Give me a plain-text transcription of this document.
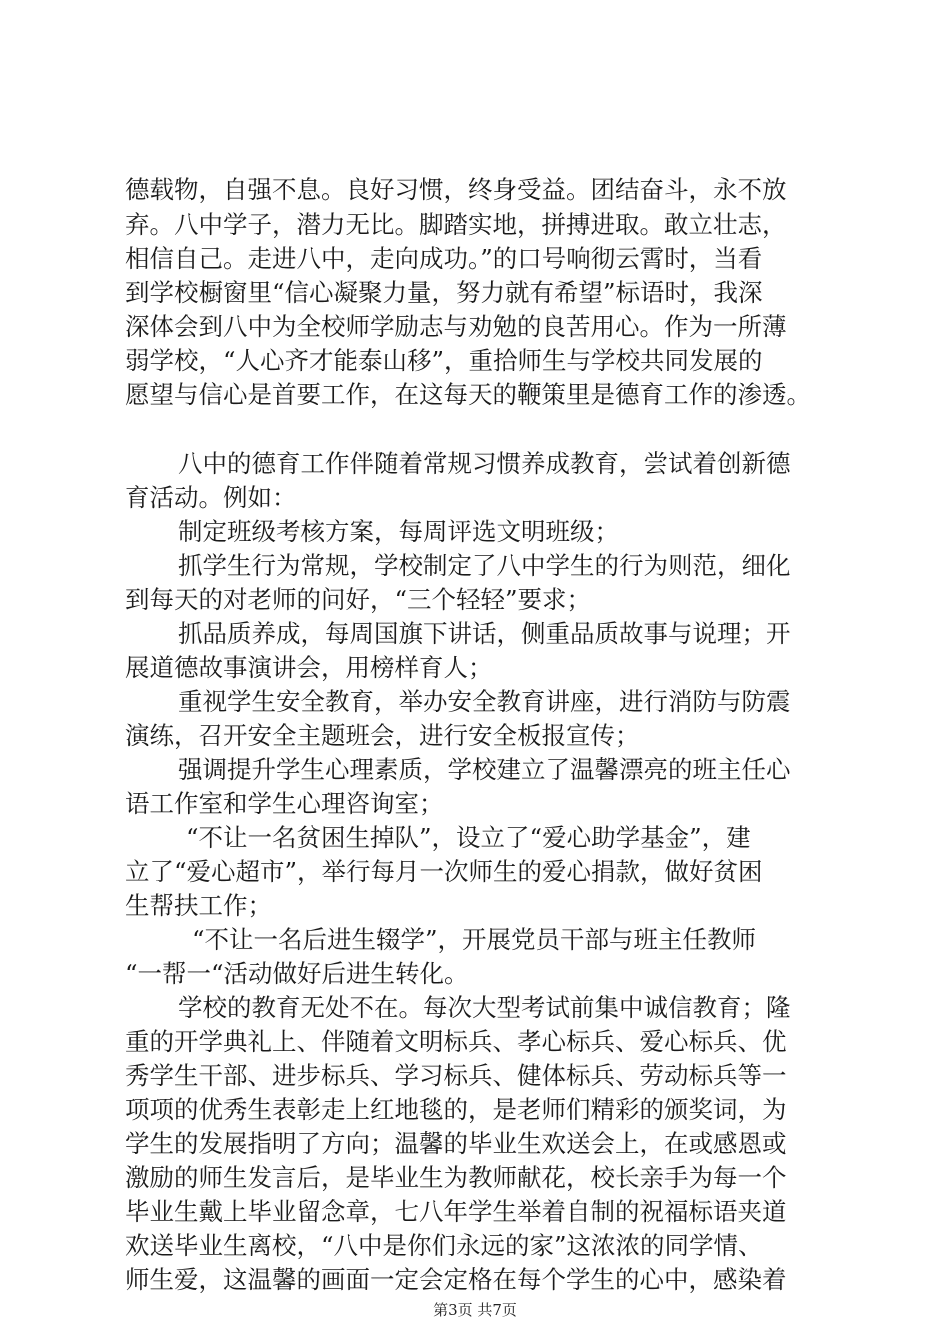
德载物，自强不息。良好习惯，终身受益。团结奋斗，永不放

弃。八中学子，潜力无比。脚踏实地，拼搏进取。敢立壮志，

相信自己。走进八中，走向成功。”的口号响彻云霄时，当看

到学校橱窗里“信心凝聚力量，努力就有希望”标语时，我深

深体会到八中为全校师学励志与劝勉的良苦用心。作为一所薄

弱学校，“人心齐才能泰山移”，重拾师生与学校共同发展的

愿望与信心是首要工作，在这每天的鞭策里是德育工作的渗透。

八中的德育工作伴随着常规习惯养成教育，尝试着创新德

育活动。例如：

制定班级考核方案，每周评选文明班级；

抓学生行为常规，学校制定了八中学生的行为则范，细化

到每天的对老师的问好，“三个轻轻”要求；

抓品质养成，每周国旗下讲话，侧重品质故事与说理；开

展道德故事演讲会，用榜样育人；

重视学生安全教育，举办安全教育讲座，进行消防与防震

演练，召开安全主题班会，进行安全板报宣传；

强调提升学生心理素质，学校建立了温馨漂亮的班主任心

语工作室和学生心理咨询室；

“不让一名贫困生掉队”，设立了“爱心助学基金”，建

立了“爱心超市”，举行每月一次师生的爱心捐款，做好贫困

生帮扶工作；

“不让一名后进生辍学”，开展党员干部与班主任教师

“一帮一“活动做好后进生转化。

学校的教育无处不在。每次大型考试前集中诚信教育；隆

重的开学典礼上、伴随着文明标兵、孝心标兵、爱心标兵、优

秀学生干部、进步标兵、学习标兵、健体标兵、劳动标兵等一

项项的优秀生表彰走上红地毯的，是老师们精彩的颁奖词，为

学生的发展指明了方向；温馨的毕业生欢送会上，在或感恩或

激励的师生发言后，是毕业生为教师献花，校长亲手为每一个

毕业生戴上毕业留念章，七八年学生举着自制的祝福标语夹道

欢送毕业生离校，“八中是你们永远的家”这浓浓的同学情、

师生爱，这温馨的画面一定会定格在每个学生的心中，感染着

第3页 共7页
